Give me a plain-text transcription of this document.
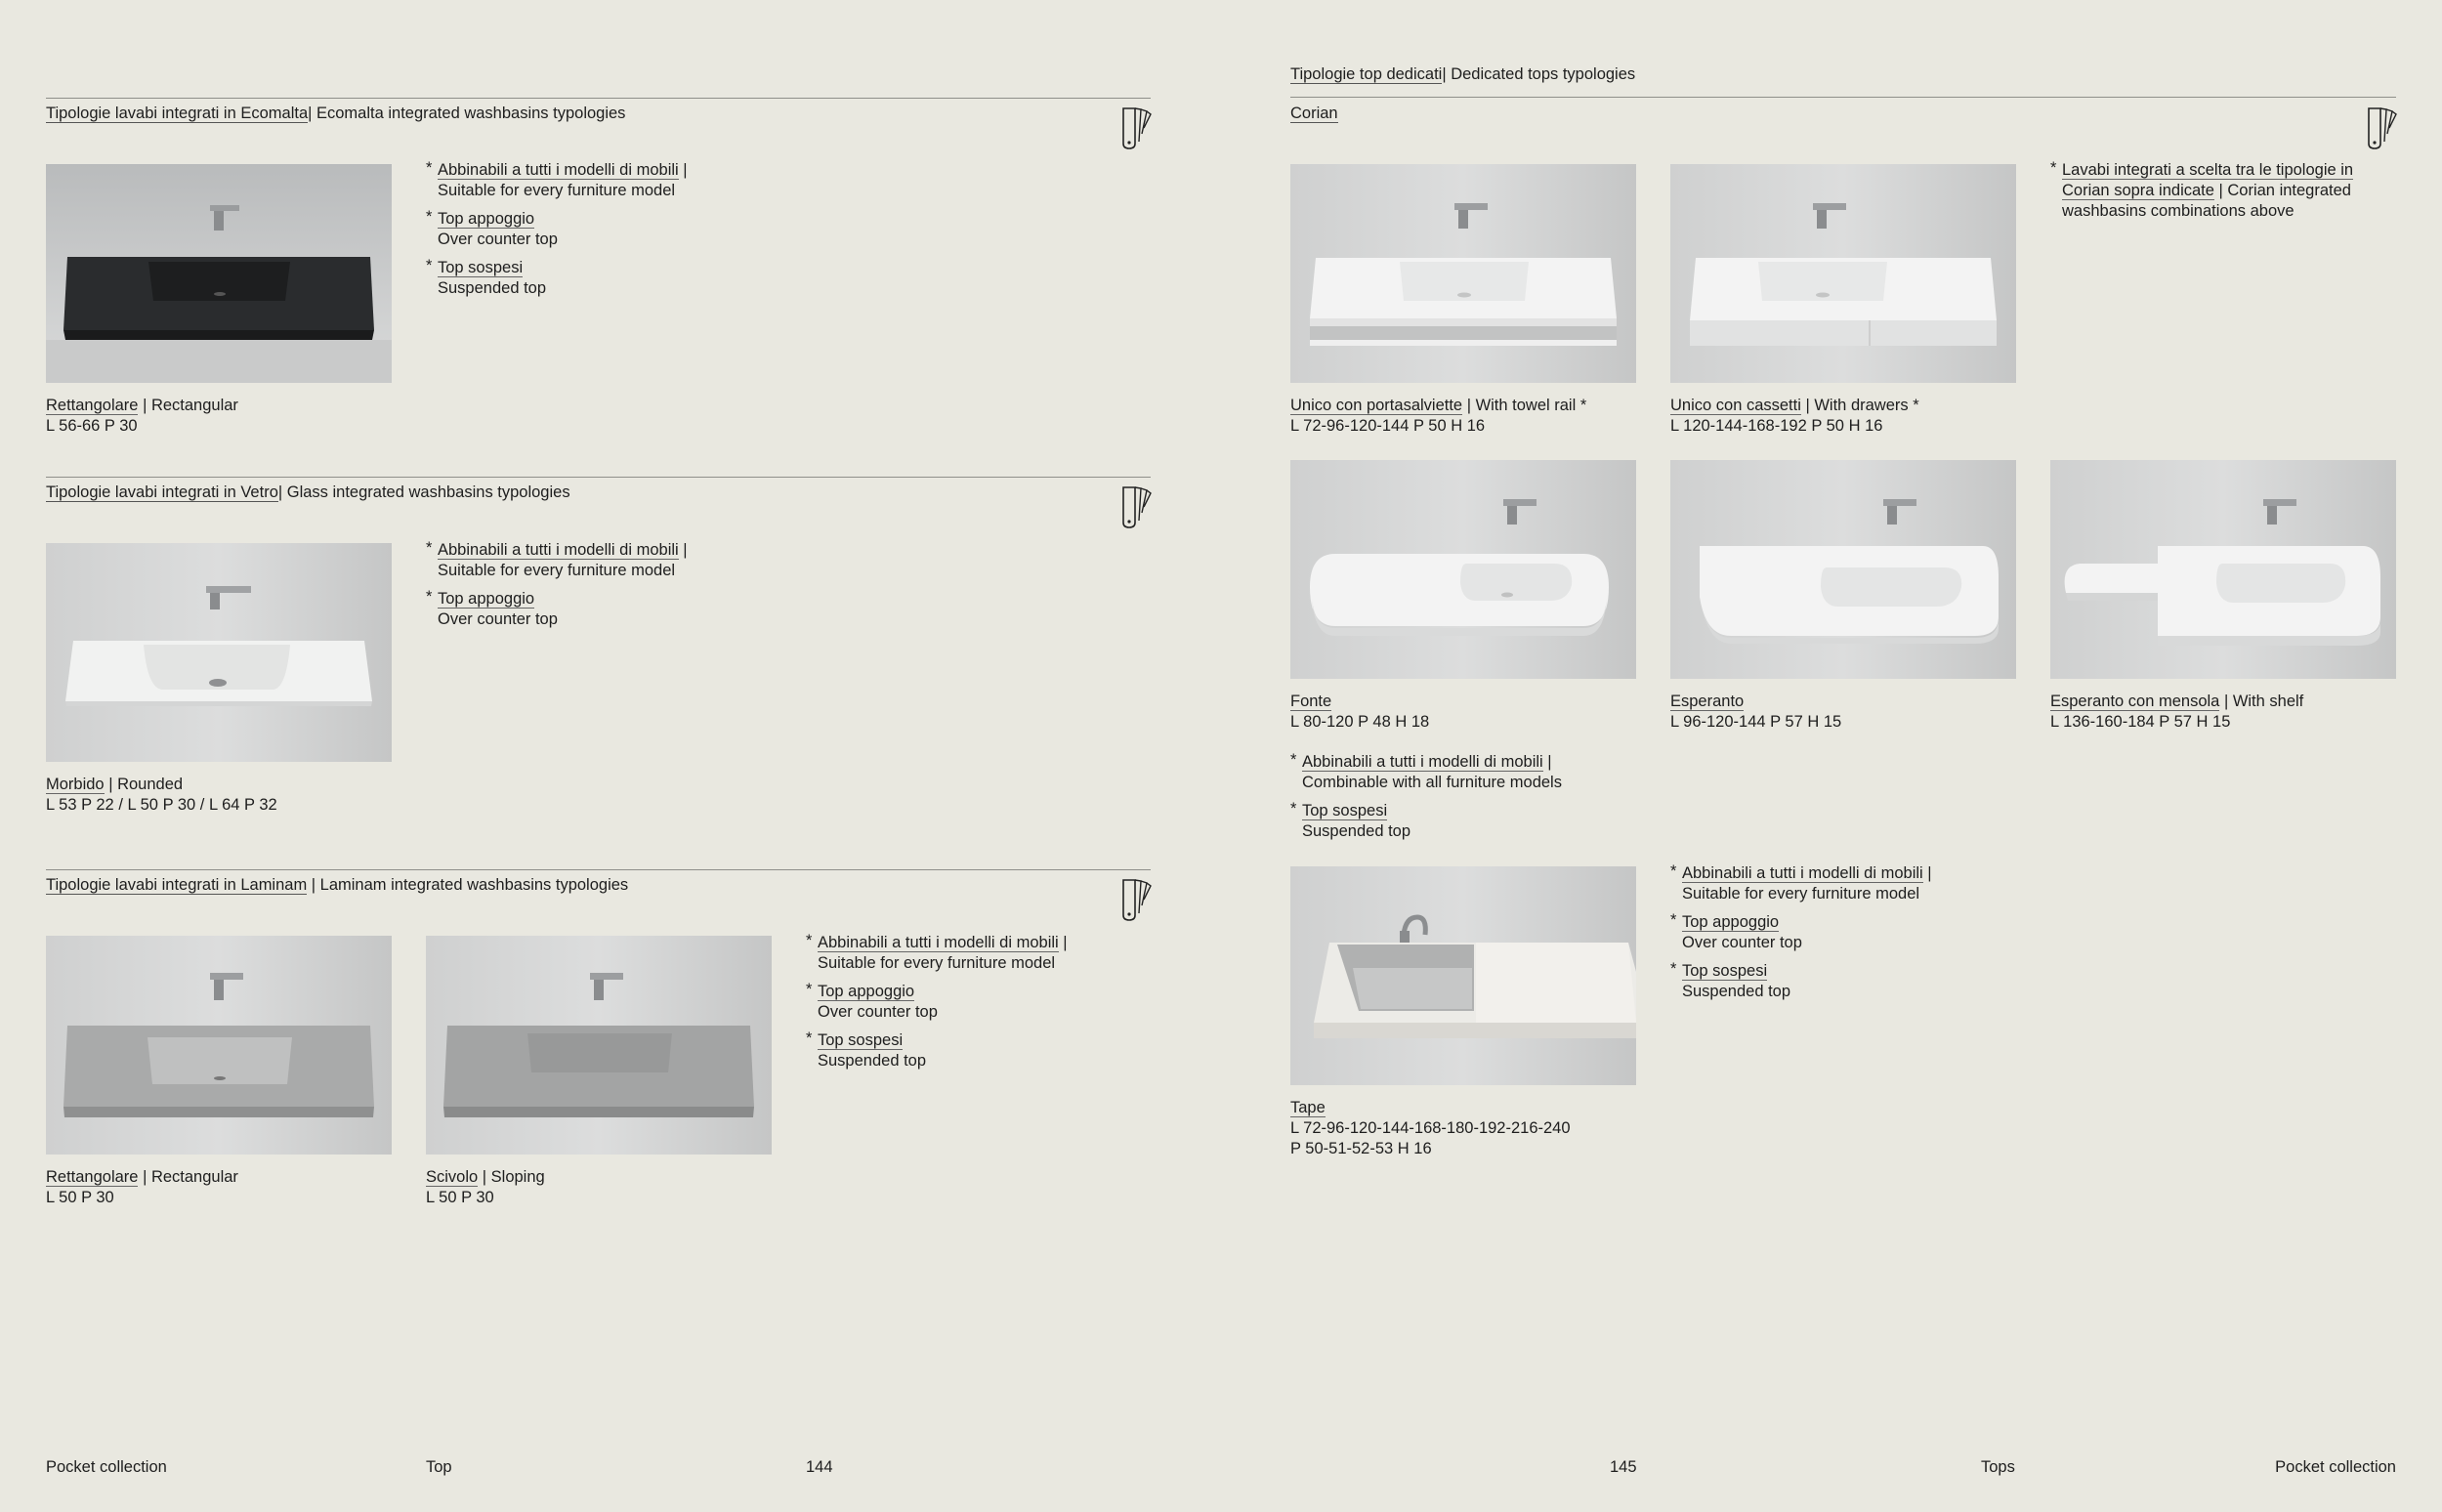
Tipologie lavabi integrati in Ecomalta| Ecomalta integrated washbasins typologies
* Abbinabili a tutti i modelli di mobili |
Suitable for every furniture model
* Top appoggio
Over counter top
* Top sospesi
Suspended top
Rettangolare | Rectangular
L 56-66 P 30
Tipologie lavabi integrati in Vetro| Glass integrated washbasins typologies
* Abbinabili a tutti i modelli di mobili |
Suitable for every furniture model
* Top appoggio
Over counter top
Morbido | Rounded
L 53 P 22 / L 50 P 30 / L 64 P 32
Tipologie lavabi integrati in Laminam | Laminam integrated washbasins typologies
* Abbinabili a tutti i modelli di mobili |
Suitable for every furniture model
* Top appoggio
Over counter top
* Top sospesi
Suspended top
Rettangolare | Rectangular
L 50 P 30
Scivolo | Sloping
L 50 P 30
Tipologie top dedicati| Dedicated tops typologies
Corian
* Lavabi integrati a scelta tra le tipologie in
Corian sopra indicate | Corian integrated
washbasins combinations above
Unico con portasalviette | With towel rail *
L 72-96-120-144 P 50 H 16
Unico con cassetti | With drawers *
L 120-144-168-192 P 50 H 16
Fonte
L 80-120 P 48 H 18
Esperanto
L 96-120-144 P 57 H 15
Esperanto con mensola | With shelf
L 136-160-184 P 57 H 15
* Abbinabili a tutti i modelli di mobili |
Combinable with all furniture models
* Top sospesi
Suspended top
* Abbinabili a tutti i modelli di mobili |
Suitable for every furniture model
* Top appoggio
Over counter top
* Top sospesi
Suspended top
Tape
L 72-96-120-144-168-180-192-216-240
P 50-51-52-53 H 16
Pocket collection	Top	144	145	Tops	Pocket collection
